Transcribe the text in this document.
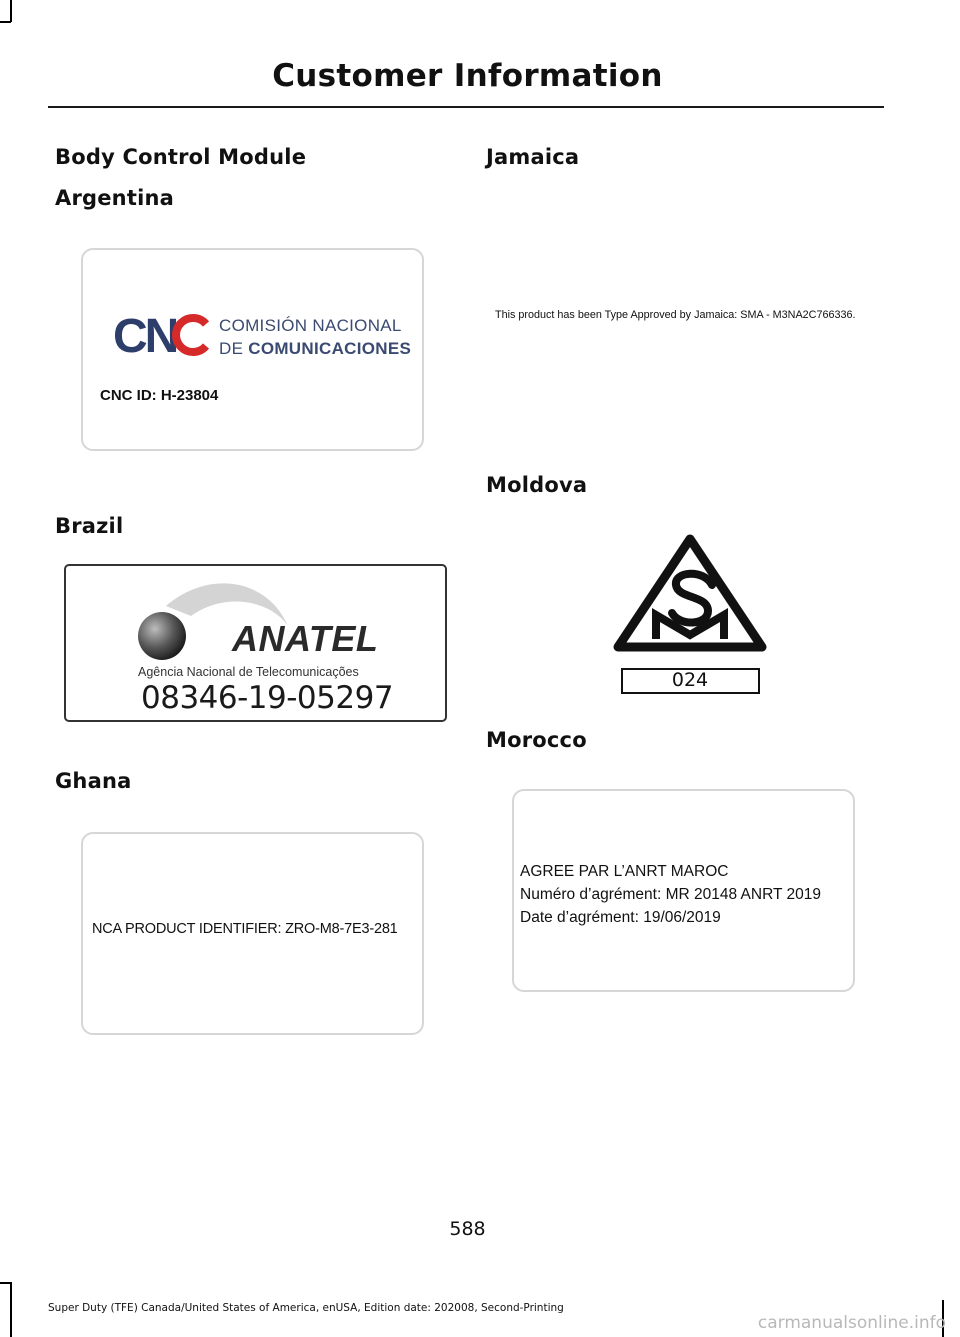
Customer Information
Body Control Module
Argentina
CN	COMISIÓN NACIONAL
DE COMUNICACIONES
CNC ID: H-23804
Brazil
ANATEL
Agência Nacional de Telecomunicações
08346-19-05297
Ghana
NCA PRODUCT IDENTIFIER: ZRO-M8-7E3-281
Jamaica
This product has been Type Approved by Jamaica: SMA - M3NA2C766336.
Moldova
024
Morocco
AGREE PAR L’ANRT MAROC
Numéro d’agrément: MR 20148 ANRT 2019
Date d’agrément: 19/06/2019
588
Super Duty (TFE) Canada/United States of America, enUSA, Edition date: 202008, Second-Printing
carmanualsonline.info
